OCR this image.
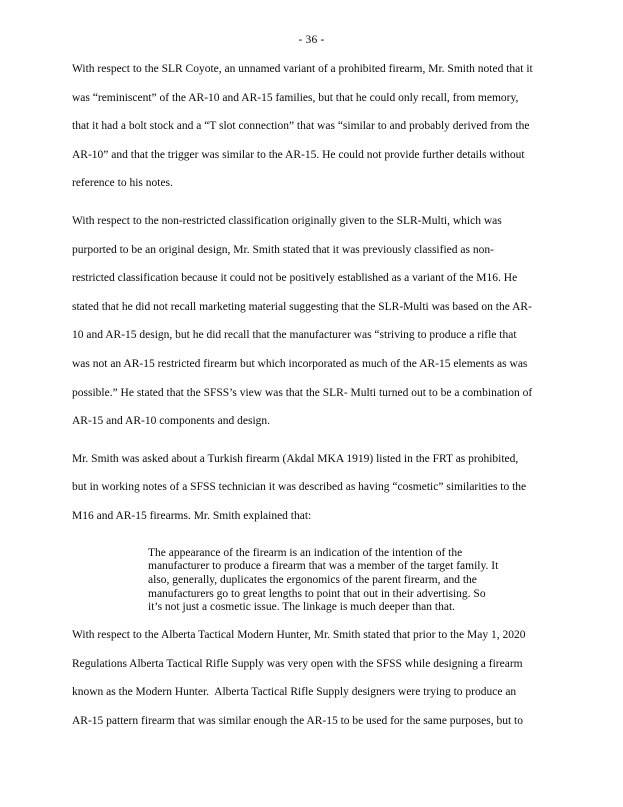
- 36 -
With respect to the SLR Coyote, an unnamed variant of a prohibited firearm, Mr. Smith noted that it
was “reminiscent” of the AR-10 and AR-15 families, but that he could only recall, from memory,
that it had a bolt stock and a “T slot connection” that was “similar to and probably derived from the
AR-10” and that the trigger was similar to the AR-15. He could not provide further details without
reference to his notes.
With respect to the non-restricted classification originally given to the SLR-Multi, which was
purported to be an original design, Mr. Smith stated that it was previously classified as non-
restricted classification because it could not be positively established as a variant of the M16. He
stated that he did not recall marketing material suggesting that the SLR-Multi was based on the AR-
10 and AR-15 design, but he did recall that the manufacturer was “striving to produce a rifle that
was not an AR-15 restricted firearm but which incorporated as much of the AR-15 elements as was
possible.” He stated that the SFSS’s view was that the SLR- Multi turned out to be a combination of
AR-15 and AR-10 components and design.
Mr. Smith was asked about a Turkish firearm (Akdal MKA 1919) listed in the FRT as prohibited,
but in working notes of a SFSS technician it was described as having “cosmetic” similarities to the
M16 and AR-15 firearms. Mr. Smith explained that:
The appearance of the firearm is an indication of the intention of the
manufacturer to produce a firearm that was a member of the target family. It
also, generally, duplicates the ergonomics of the parent firearm, and the
manufacturers go to great lengths to point that out in their advertising. So
it’s not just a cosmetic issue. The linkage is much deeper than that.
With respect to the Alberta Tactical Modern Hunter, Mr. Smith stated that prior to the May 1, 2020
Regulations Alberta Tactical Rifle Supply was very open with the SFSS while designing a firearm
known as the Modern Hunter.  Alberta Tactical Rifle Supply designers were trying to produce an
AR-15 pattern firearm that was similar enough the AR-15 to be used for the same purposes, but to
